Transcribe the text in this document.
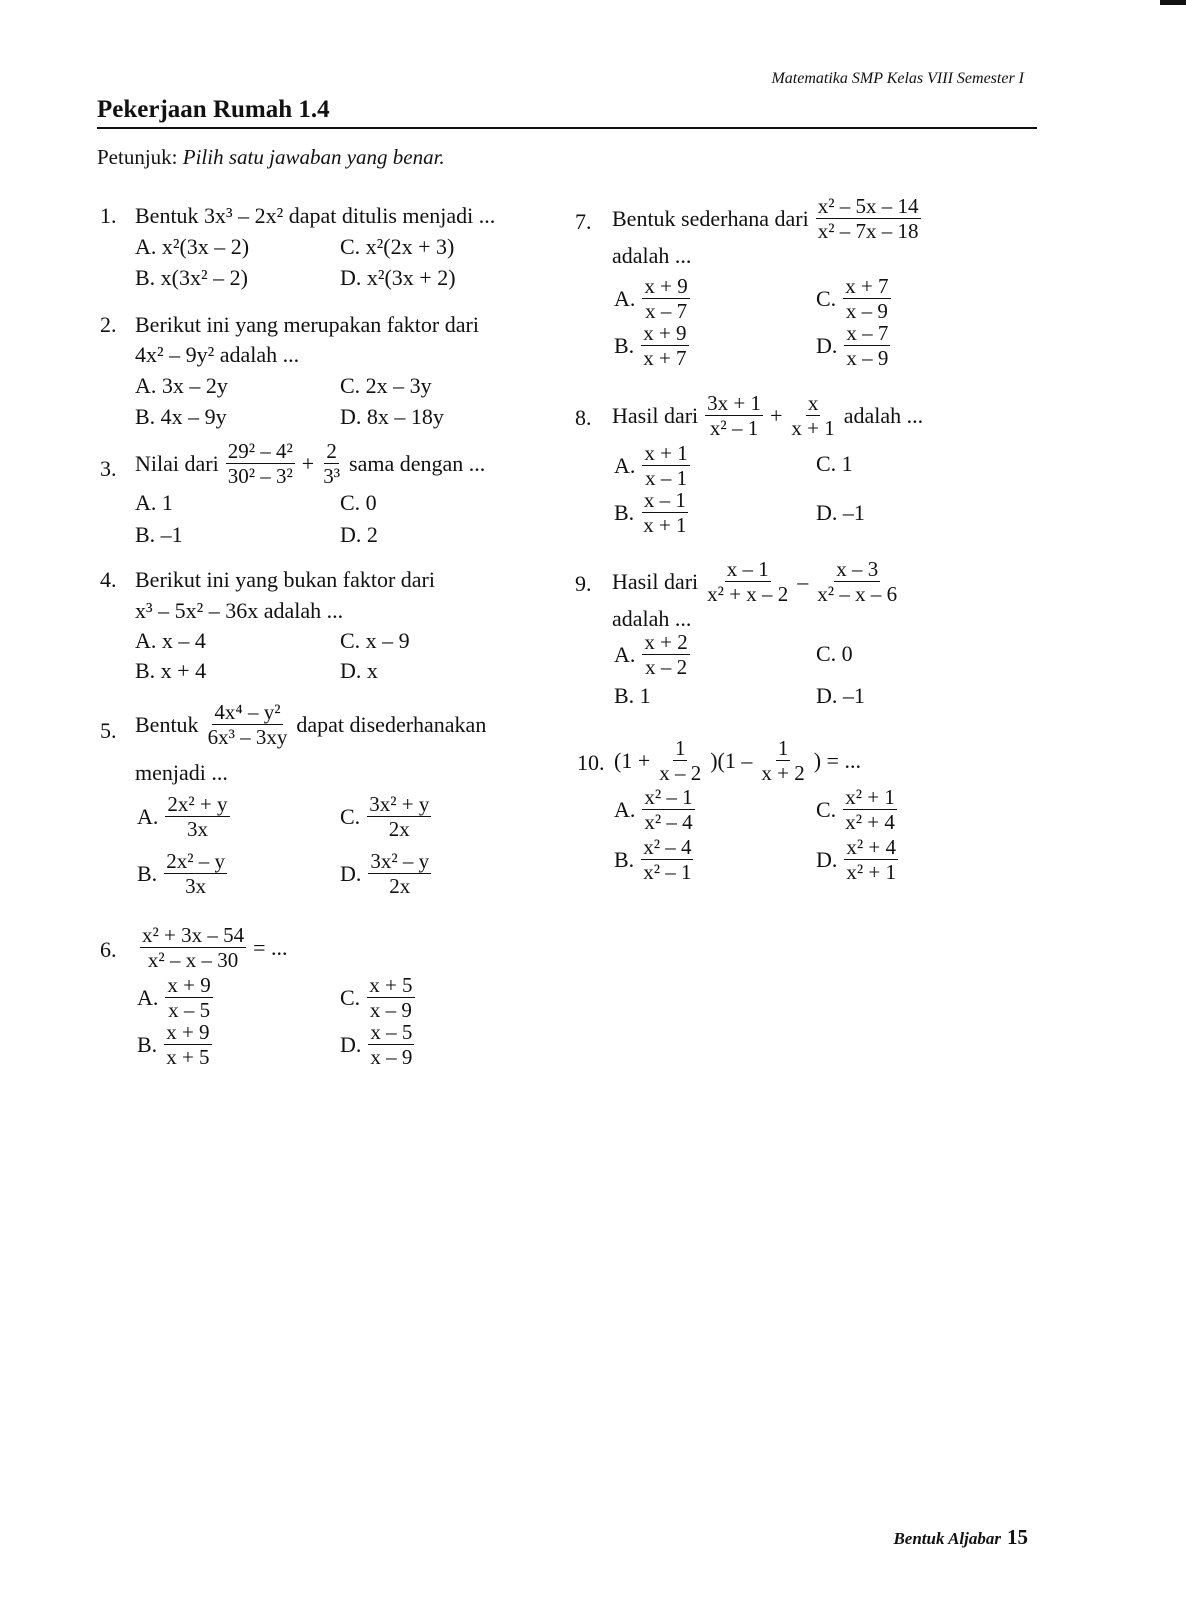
Matematika SMP Kelas VIII Semester I
Pekerjaan Rumah 1.4
Petunjuk: Pilih satu jawaban yang benar.
1. Bentuk 3x³ – 2x² dapat ditulis menjadi ...
A. x²(3x – 2)	C. x²(2x + 3)
B. x(3x² – 2)	D. x²(3x + 2)
2. Berikut ini yang merupakan faktor dari
4x² – 9y² adalah ...
A. 3x – 2y	C. 2x – 3y
B. 4x – 9y	D. 8x – 18y
3. Nilai dari $\frac{\text{29² – 4²}}{\text{30² – 3²}} + \frac{2}{\text{3³}}$ sama dengan ...
A. 1	C. 0
B. –1	D. 2
4. Berikut ini yang bukan faktor dari
x³ – 5x² – 36x adalah ...
A. x – 4	C. x – 9
B. x + 4	D. x
5. Bentuk $\frac{\text{4x⁴ – y²}}{\text{6x³ – 3xy}}$ dapat disederhanakan
menjadi ...
A. $\frac{\text{2x² + y}}{3x}$	C. $\frac{\text{3x² + y}}{2x}$
B. $\frac{\text{2x² – y}}{3x}$	D. $\frac{\text{3x² – y}}{2x}$
6. $\frac{\text{x² + 3x – 54}}{\text{x² – x – 30}}$ = ...
A. $\frac{x + 9}{x - 5}$	C. $\frac{x + 5}{x - 9}$
B. $\frac{x + 9}{x + 5}$	D. $\frac{x - 5}{x - 9}$
7. Bentuk sederhana dari $\frac{\text{x² – 5x – 14}}{\text{x² – 7x – 18}}$
adalah ...
A. $\frac{x + 9}{x - 7}$	C. $\frac{x + 7}{x - 9}$
B. $\frac{x + 9}{x + 7}$	D. $\frac{x - 7}{x - 9}$
8. Hasil dari $\frac{3x + 1}{\text{x² – 1}} + \frac{x}{x + 1}$ adalah ...
A. $\frac{x + 1}{x - 1}$	C. 1
B. $\frac{x - 1}{x + 1}$	D. –1
9. Hasil dari $\frac{x - 1}{\text{x² + x – 2}} - \frac{x - 3}{\text{x² – x – 6}}$
adalah ...
A. $\frac{x + 2}{x - 2}$	C. 0
B. 1	D. –1
10. $(1 + \frac{1}{x - 2} )(1 - \frac{1}{x + 2}$ ) = ...
A. $\frac{\text{x² – 1}}{\text{x² – 4}}$	C. $\frac{\text{x² + 1}}{\text{x² + 4}}$
B. $\frac{\text{x² – 4}}{\text{x² – 1}}$	D. $\frac{\text{x² + 4}}{\text{x² + 1}}$
Bentuk Aljabar 15
